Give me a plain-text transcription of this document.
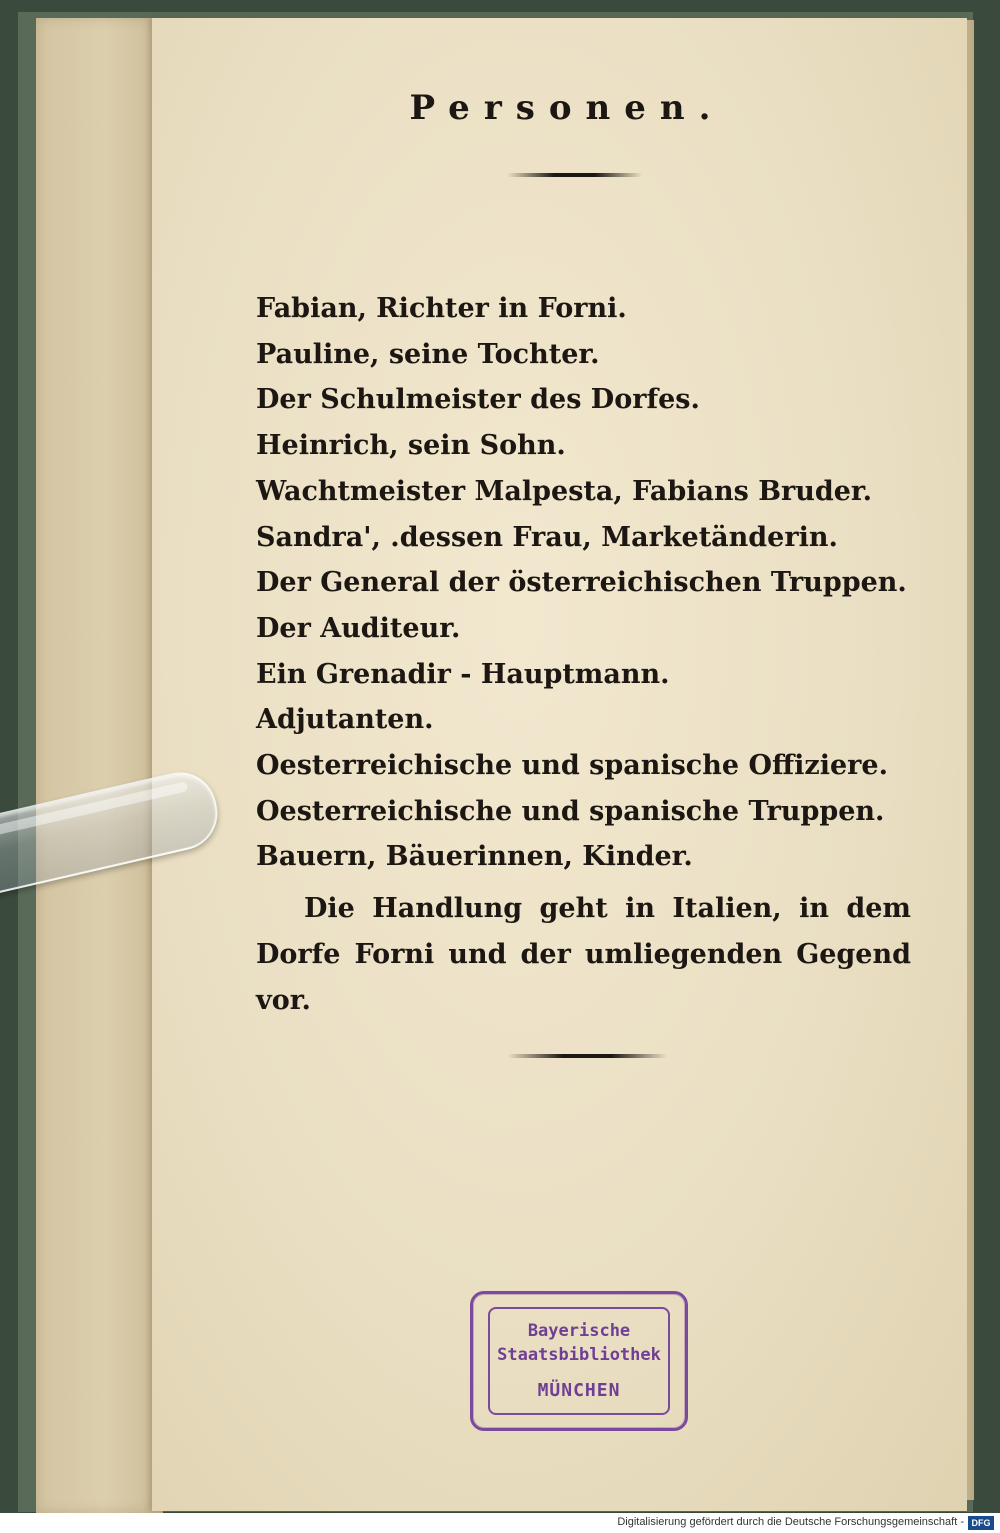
Personen.
Fabian, Richter in Forni.
Pauline, seine Tochter.
Der Schulmeister des Dorfes.
Heinrich, sein Sohn.
Wachtmeister Malpesta, Fabians Bruder.
Sandra', .dessen Frau, Marketänderin.
Der General der österreichischen Truppen.
Der Auditeur.
Ein Grenadir - Hauptmann.
Adjutanten.
Oesterreichische und spanische Offiziere.
Oesterreichische und spanische Truppen.
Bauern, Bäuerinnen, Kinder.

Die Handlung geht in Italien, in dem Dorfe Forni und der umliegenden Gegend vor.

Bayerische
Staatsbibliothek
MÜNCHEN
Digitalisierung gefördert durch die Deutsche Forschungsgemeinschaft - DFG
